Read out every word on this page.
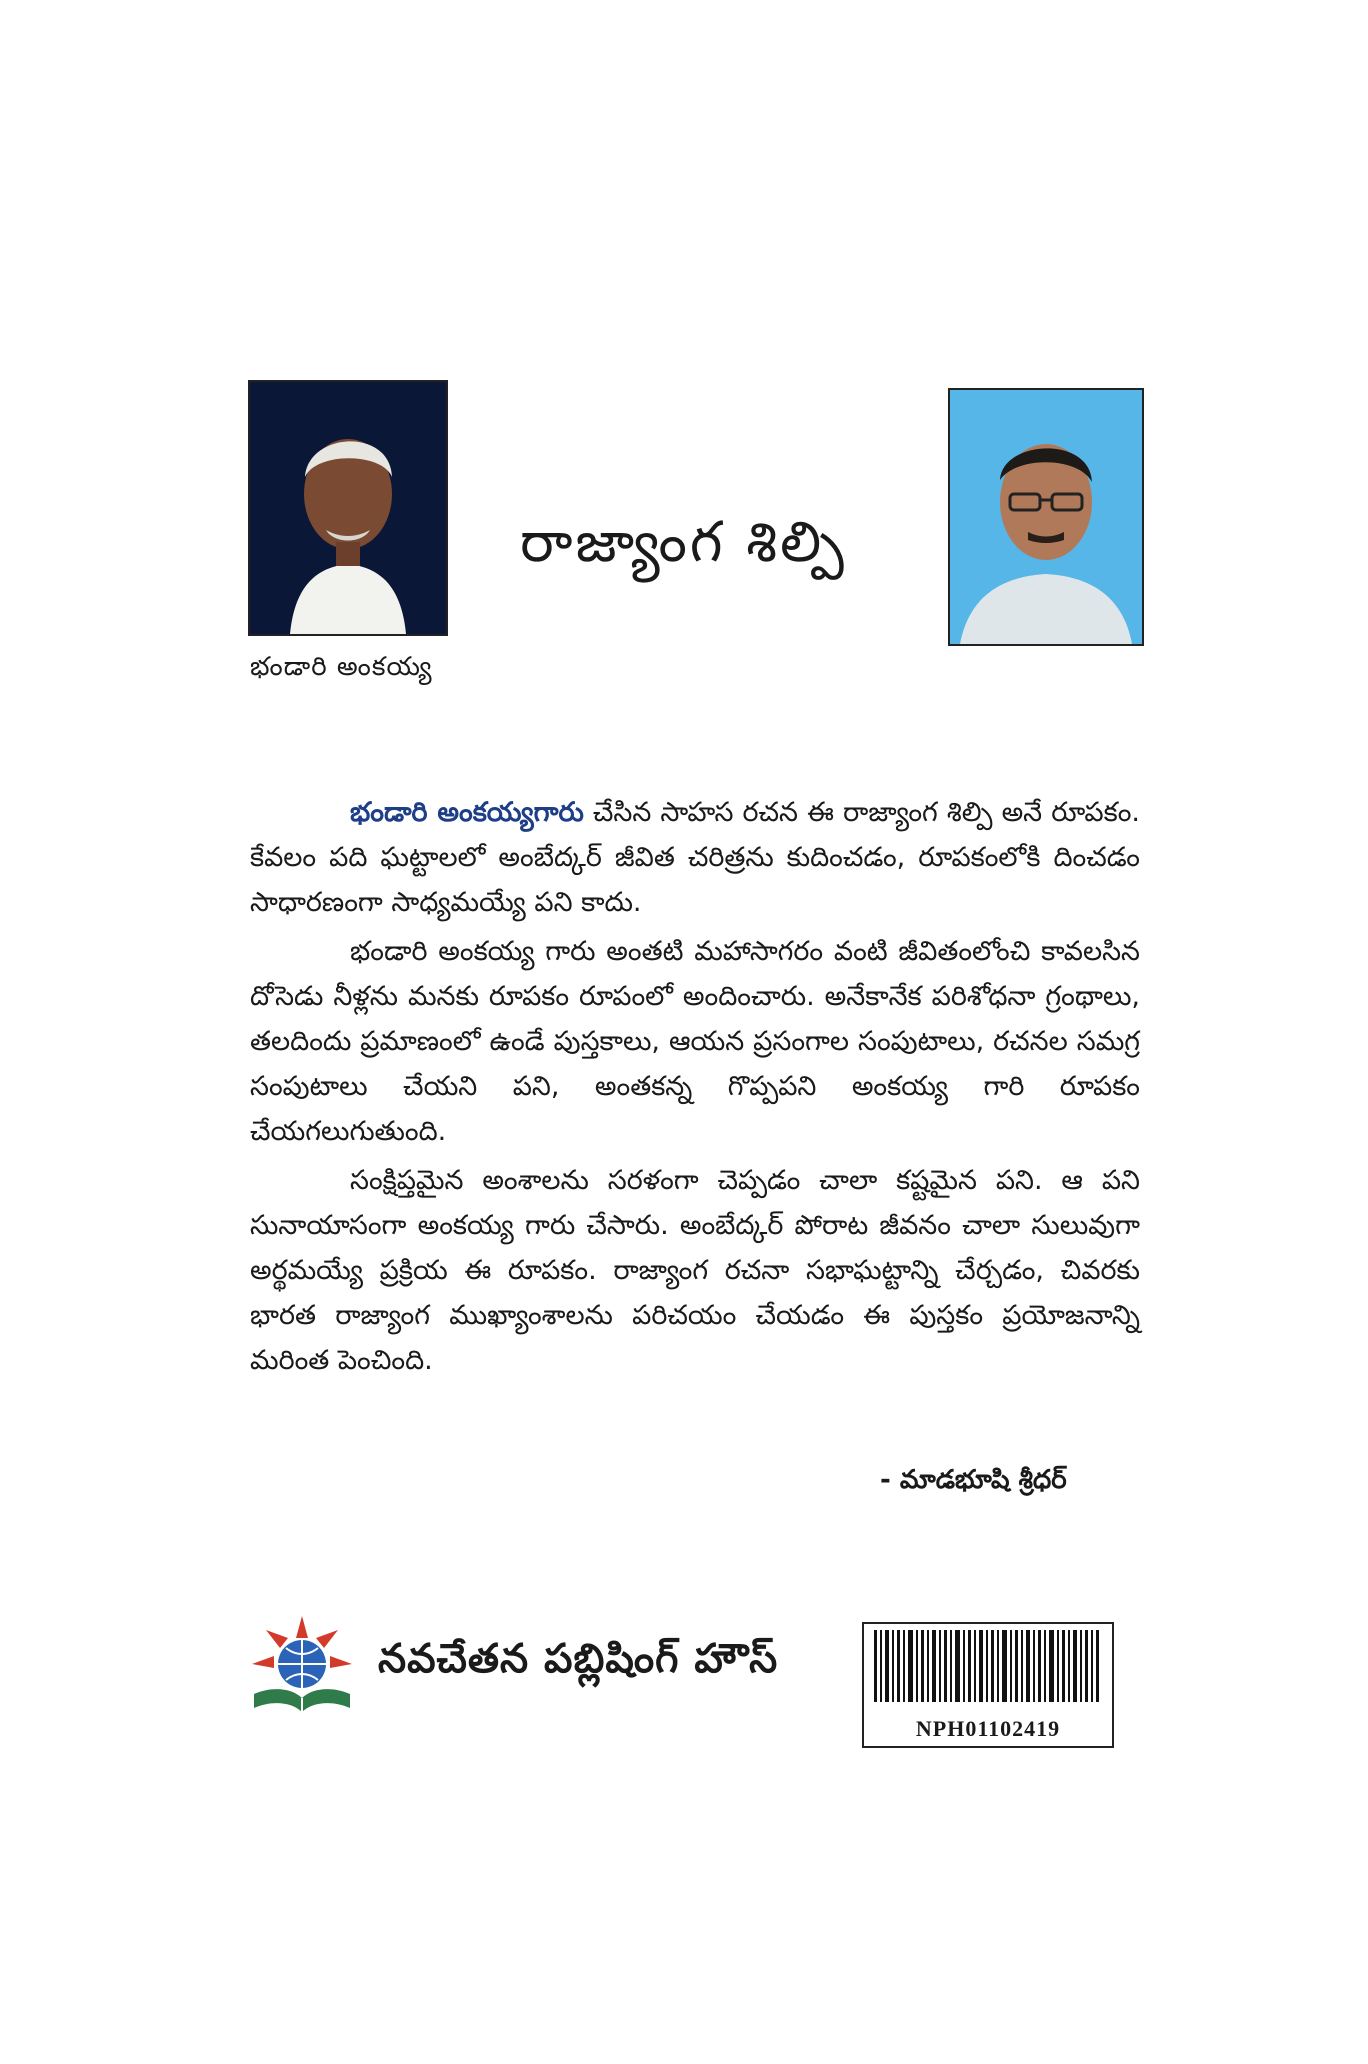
భండారి అంకయ్య
రాజ్యాంగ శిల్పి

భండారి అంకయ్యగారు చేసిన సాహస రచన ఈ రాజ్యాంగ శిల్పి అనే రూపకం. కేవలం పది ఘట్టాలలో అంబేద్కర్ జీవిత చరిత్రను కుదించడం, రూపకంలోకి దించడం సాధారణంగా సాధ్యమయ్యే పని కాదు.

భండారి అంకయ్య గారు అంతటి మహాసాగరం వంటి జీవితంలోంచి కావలసిన దోసెడు నీళ్లను మనకు రూపకం రూపంలో అందించారు. అనేకానేక పరిశోధనా గ్రంథాలు, తలదిందు ప్రమాణంలో ఉండే పుస్తకాలు, ఆయన ప్రసంగాల సంపుటాలు, రచనల సమగ్ర సంపుటాలు చేయని పని, అంతకన్న గొప్పపని అంకయ్య గారి రూపకం చేయగలుగుతుంది.

సంక్షిప్తమైన అంశాలను సరళంగా చెప్పడం చాలా కష్టమైన పని. ఆ పని సునాయాసంగా అంకయ్య గారు చేసారు. అంబేద్కర్ పోరాట జీవనం చాలా సులువుగా అర్థమయ్యే ప్రక్రియ ఈ రూపకం. రాజ్యాంగ రచనా సభాఘట్టాన్ని చేర్చడం, చివరకు భారత రాజ్యాంగ ముఖ్యాంశాలను పరిచయం చేయడం ఈ పుస్తకం ప్రయోజనాన్ని మరింత పెంచింది.

- మాడభూషి శ్రీధర్
నవచేతన పబ్లిషింగ్ హౌస్
NPH01102419
